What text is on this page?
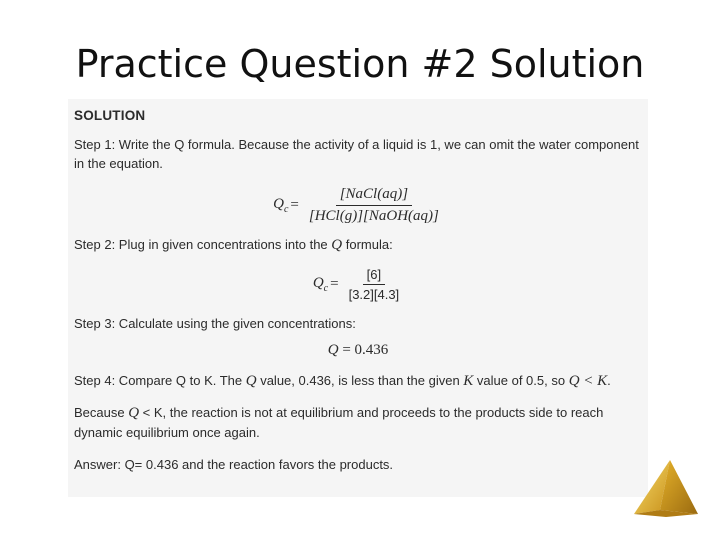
Practice Question #2 Solution
SOLUTION

Step 1: Write the Q formula. Because the activity of a liquid is 1, we can omit the water component in the equation.

$Q_c = \frac{\text{[NaCl(aq)]}}{\text{[HCl(g)][NaOH(aq)]}}$

Step 2: Plug in given concentrations into the Q formula:

$Q_c = \frac{[6]}{[3.2][4.3]}$

Step 3: Calculate using the given concentrations:

Q
= 0.436

Step 4: Compare Q to K. The Q value, 0.436, is less than the given K value of 0.5, so Q < K.

Because Q < K, the reaction is not at equilibrium and proceeds to the products side to reach dynamic equilibrium once again.

Answer: Q= 0.436 and the reaction favors the products.
